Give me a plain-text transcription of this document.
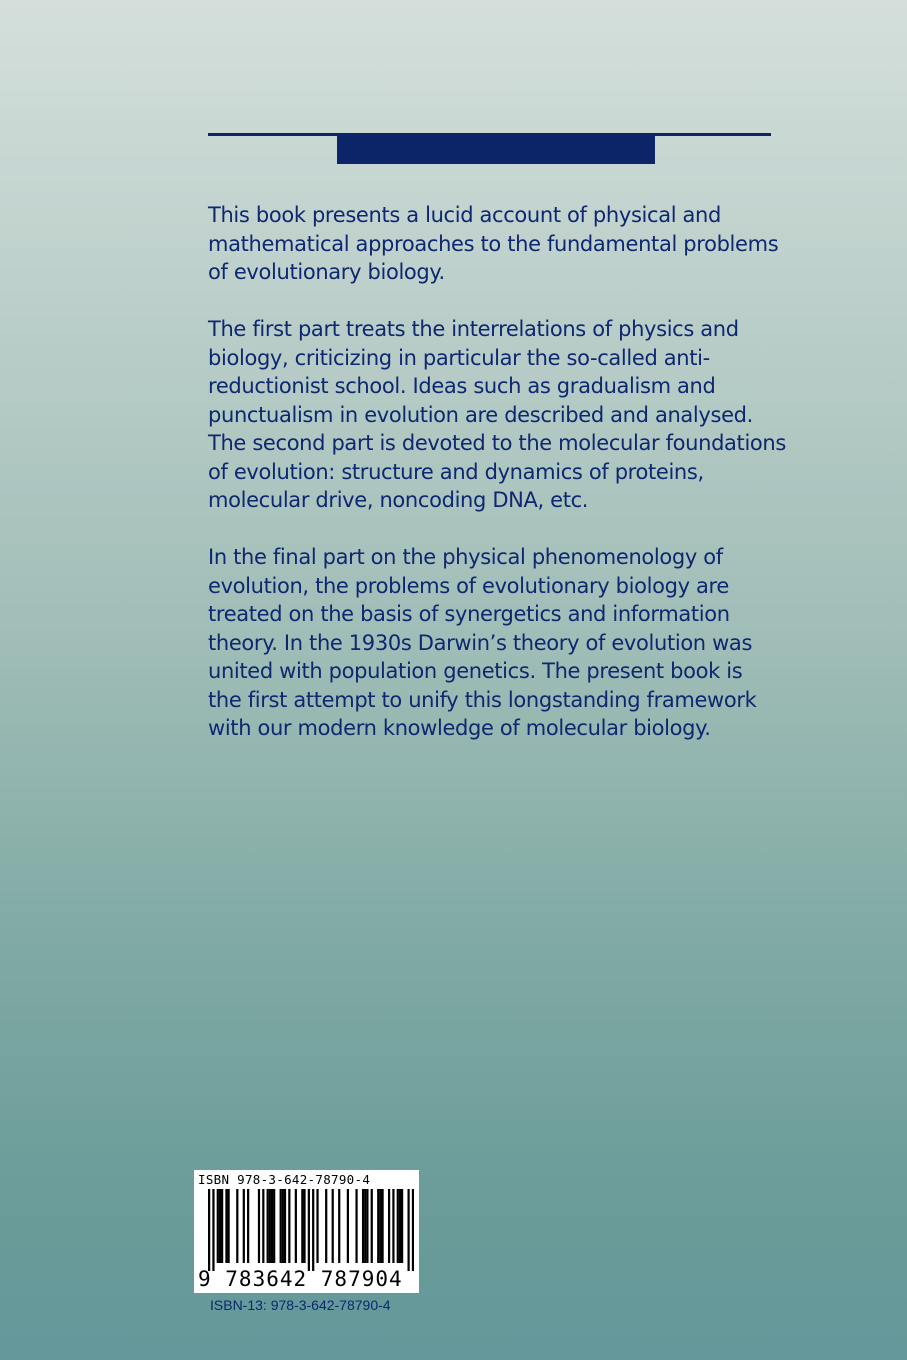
This book presents a lucid account of physical and
mathematical approaches to the fundamental problems
of evolutionary biology.

The first part treats the interrelations of physics and
biology, criticizing in particular the so-called anti-
reductionist school. Ideas such as gradualism and
punctualism in evolution are described and analysed.
The second part is devoted to the molecular foundations
of evolution: structure and dynamics of proteins,
molecular drive, noncoding DNA, etc.

In the final part on the physical phenomenology of
evolution, the problems of evolutionary biology are
treated on the basis of synergetics and information
theory. In the 1930s Darwin’s theory of evolution was
united with population genetics. The present book is
the first attempt to unify this longstanding framework
with our modern knowledge of molecular biology.

ISBN 978-3-642-78790-4
9 783642 787904
ISBN-13: 978-3-642-78790-4
